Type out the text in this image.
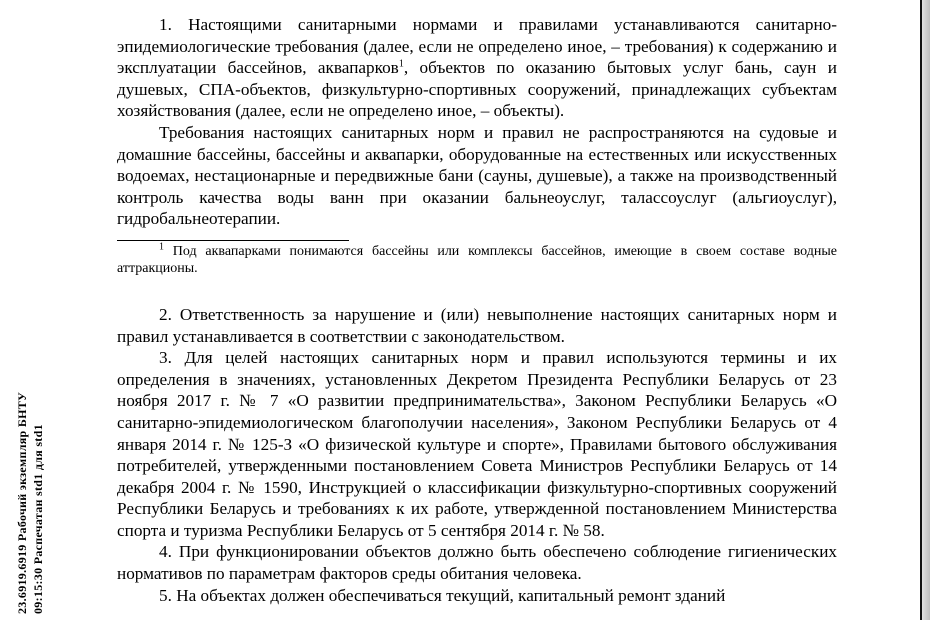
23.6919.6919 Рабочий экземпляр БНТУ 09:15:30 Распечатан std1 для std1

1. Настоящими санитарными нормами и правилами устанавливаются санитарно-эпидемиологические требования (далее, если не определено иное, – требования) к содержанию и эксплуатации бассейнов, аквапарков$^1$, объектов по оказанию бытовых услуг бань, саун и душевых, СПА-объектов, физкультурно-спортивных сооружений, принадлежащих субъектам хозяйствования (далее, если не определено иное, – объекты).

Требования настоящих санитарных норм и правил не распространяются на судовые и домашние бассейны, бассейны и аквапарки, оборудованные на естественных или искусственных водоемах, нестационарные и передвижные бани (сауны, душевые), а также на производственный контроль качества воды ванн при оказании бальнеоуслуг, талассоуслуг (альгиоуслуг), гидробальнеотерапии.

$^1$ Под аквапарками понимаются бассейны или комплексы бассейнов, имеющие в своем составе водные аттракционы.

2. Ответственность за нарушение и (или) невыполнение настоящих санитарных норм и правил устанавливается в соответствии с законодательством.

3. Для целей настоящих санитарных норм и правил используются термины и их определения в значениях, установленных Декретом Президента Республики Беларусь от 23 ноября 2017 г. № 7 «О развитии предпринимательства», Законом Республики Беларусь «О санитарно-эпидемиологическом благополучии населения», Законом Республики Беларусь от 4 января 2014 г. № 125-З «О физической культуре и спорте», Правилами бытового обслуживания потребителей, утвержденными постановлением Совета Министров Республики Беларусь от 14 декабря 2004 г. № 1590, Инструкцией о классификации физкультурно-спортивных сооружений Республики Беларусь и требованиях к их работе, утвержденной постановлением Министерства спорта и туризма Республики Беларусь от 5 сентября 2014 г. № 58.

4. При функционировании объектов должно быть обеспечено соблюдение гигиенических нормативов по параметрам факторов среды обитания человека.

5. На объектах должен обеспечиваться текущий, капитальный ремонт зданий
